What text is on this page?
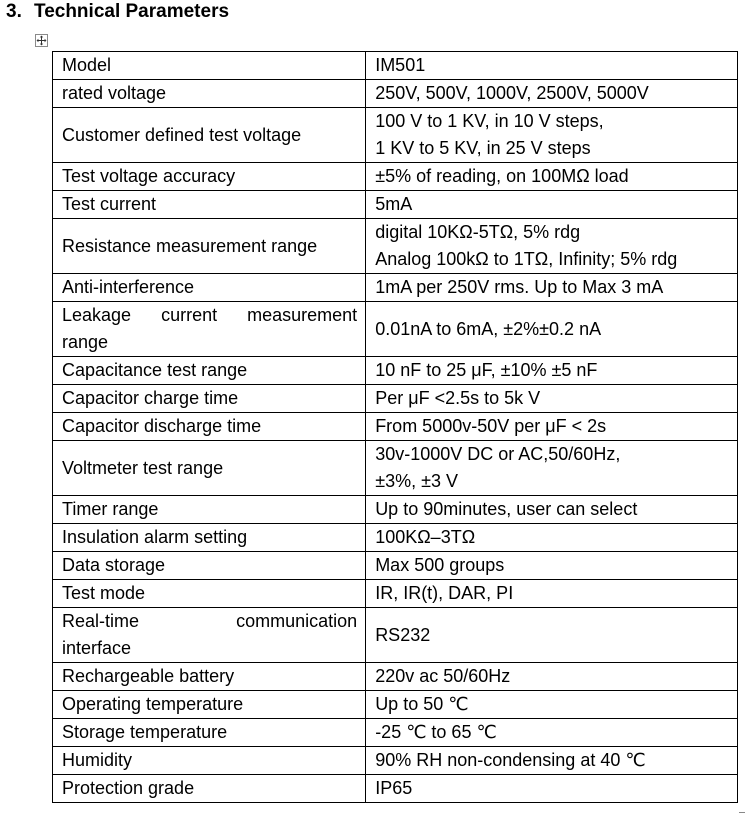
3. Technical Parameters
Model	IM501

rated voltage	250V, 500V, 1000V, 2500V, 5000V

Customer defined test voltage	100 V to 1 KV, in 10 V steps,
1 KV to 5 KV, in 25 V steps

Test voltage accuracy	±5% of reading, on 100MΩ load

Test current	5mA

Resistance measurement range	digital 10KΩ-5TΩ, 5% rdg
Analog 100kΩ to 1TΩ, Infinity; 5% rdg

Anti-interference	1mA per 250V rms. Up to Max 3 mA

Leakage current measurement
range	0.01nA to 6mA, ±2%±0.2 nA

Capacitance test range	10 nF to 25 μF, ±10% ±5 nF

Capacitor charge time	Per μF <2.5s to 5k V

Capacitor discharge time	From 5000v-50V per μF < 2s

Voltmeter test range	30v-1000V DC or AC,50/60Hz,
±3%, ±3 V

Timer range	Up to 90minutes, user can select

Insulation alarm setting	100KΩ–3TΩ

Data storage	Max 500 groups

Test mode	IR, IR(t), DAR, PI

Real-time communication
interface	RS232

Rechargeable battery	220v ac 50/60Hz

Operating temperature	Up to 50 ℃

Storage temperature	-25 ℃ to 65 ℃

Humidity	90% RH non-condensing at 40 ℃

Protection grade	IP65
